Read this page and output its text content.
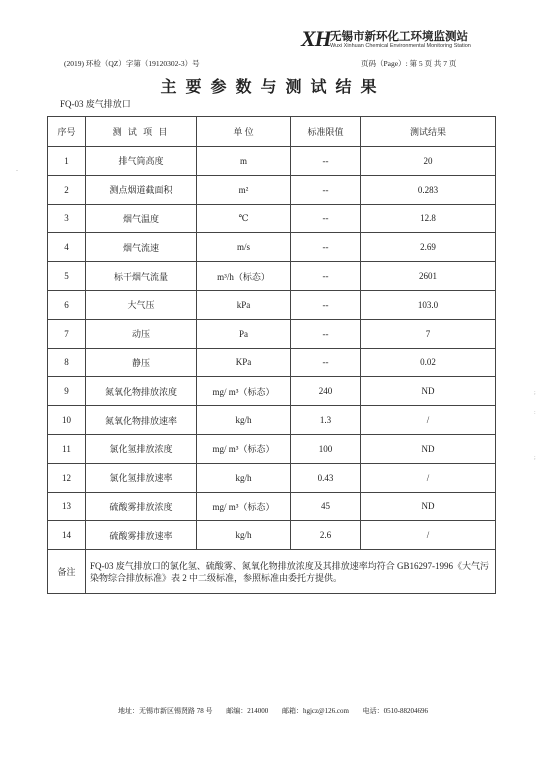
XH 无锡市新环化工环境监测站
Wuxi Xinhuan Chemical Environmental Monitoring Station
(2019) 环检（QZ）字第（19120302-3）号	页码（Page）: 第 5 页 共 7 页
主要参数与测试结果
FQ-03 废气排放口
序号	测 试 项 目	单 位	标准限值	测试结果
1	排气筒高度	m	--	20
2	测点烟道截面积	m²	--	0.283
3	烟气温度	℃	--	12.8
4	烟气流速	m/s	--	2.69
5	标干烟气流量	m³/h（标态）	--	2601
6	大气压	kPa	--	103.0
7	动压	Pa	--	7
8	静压	KPa	--	0.02
9	氮氧化物排放浓度	mg/ m³（标态）	240	ND
10	氮氧化物排放速率	kg/h	1.3	/
11	氯化氢排放浓度	mg/ m³（标态）	100	ND
12	氯化氢排放速率	kg/h	0.43	/
13	硫酸雾排放浓度	mg/ m³（标态）	45	ND
14	硫酸雾排放速率	kg/h	2.6	/
备注	FQ-03 废气排放口的氯化氢、硫酸雾、氮氧化物排放浓度及其排放速率均符合 GB16297-1996《大气污染物综合排放标准》表 2 中二级标准，参照标准由委托方提供。			
地址：无锡市新区锡贤路 78 号 邮编：214000 邮箱：hgjcz@126.com 电话：0510-88204696
-
;
:
;
